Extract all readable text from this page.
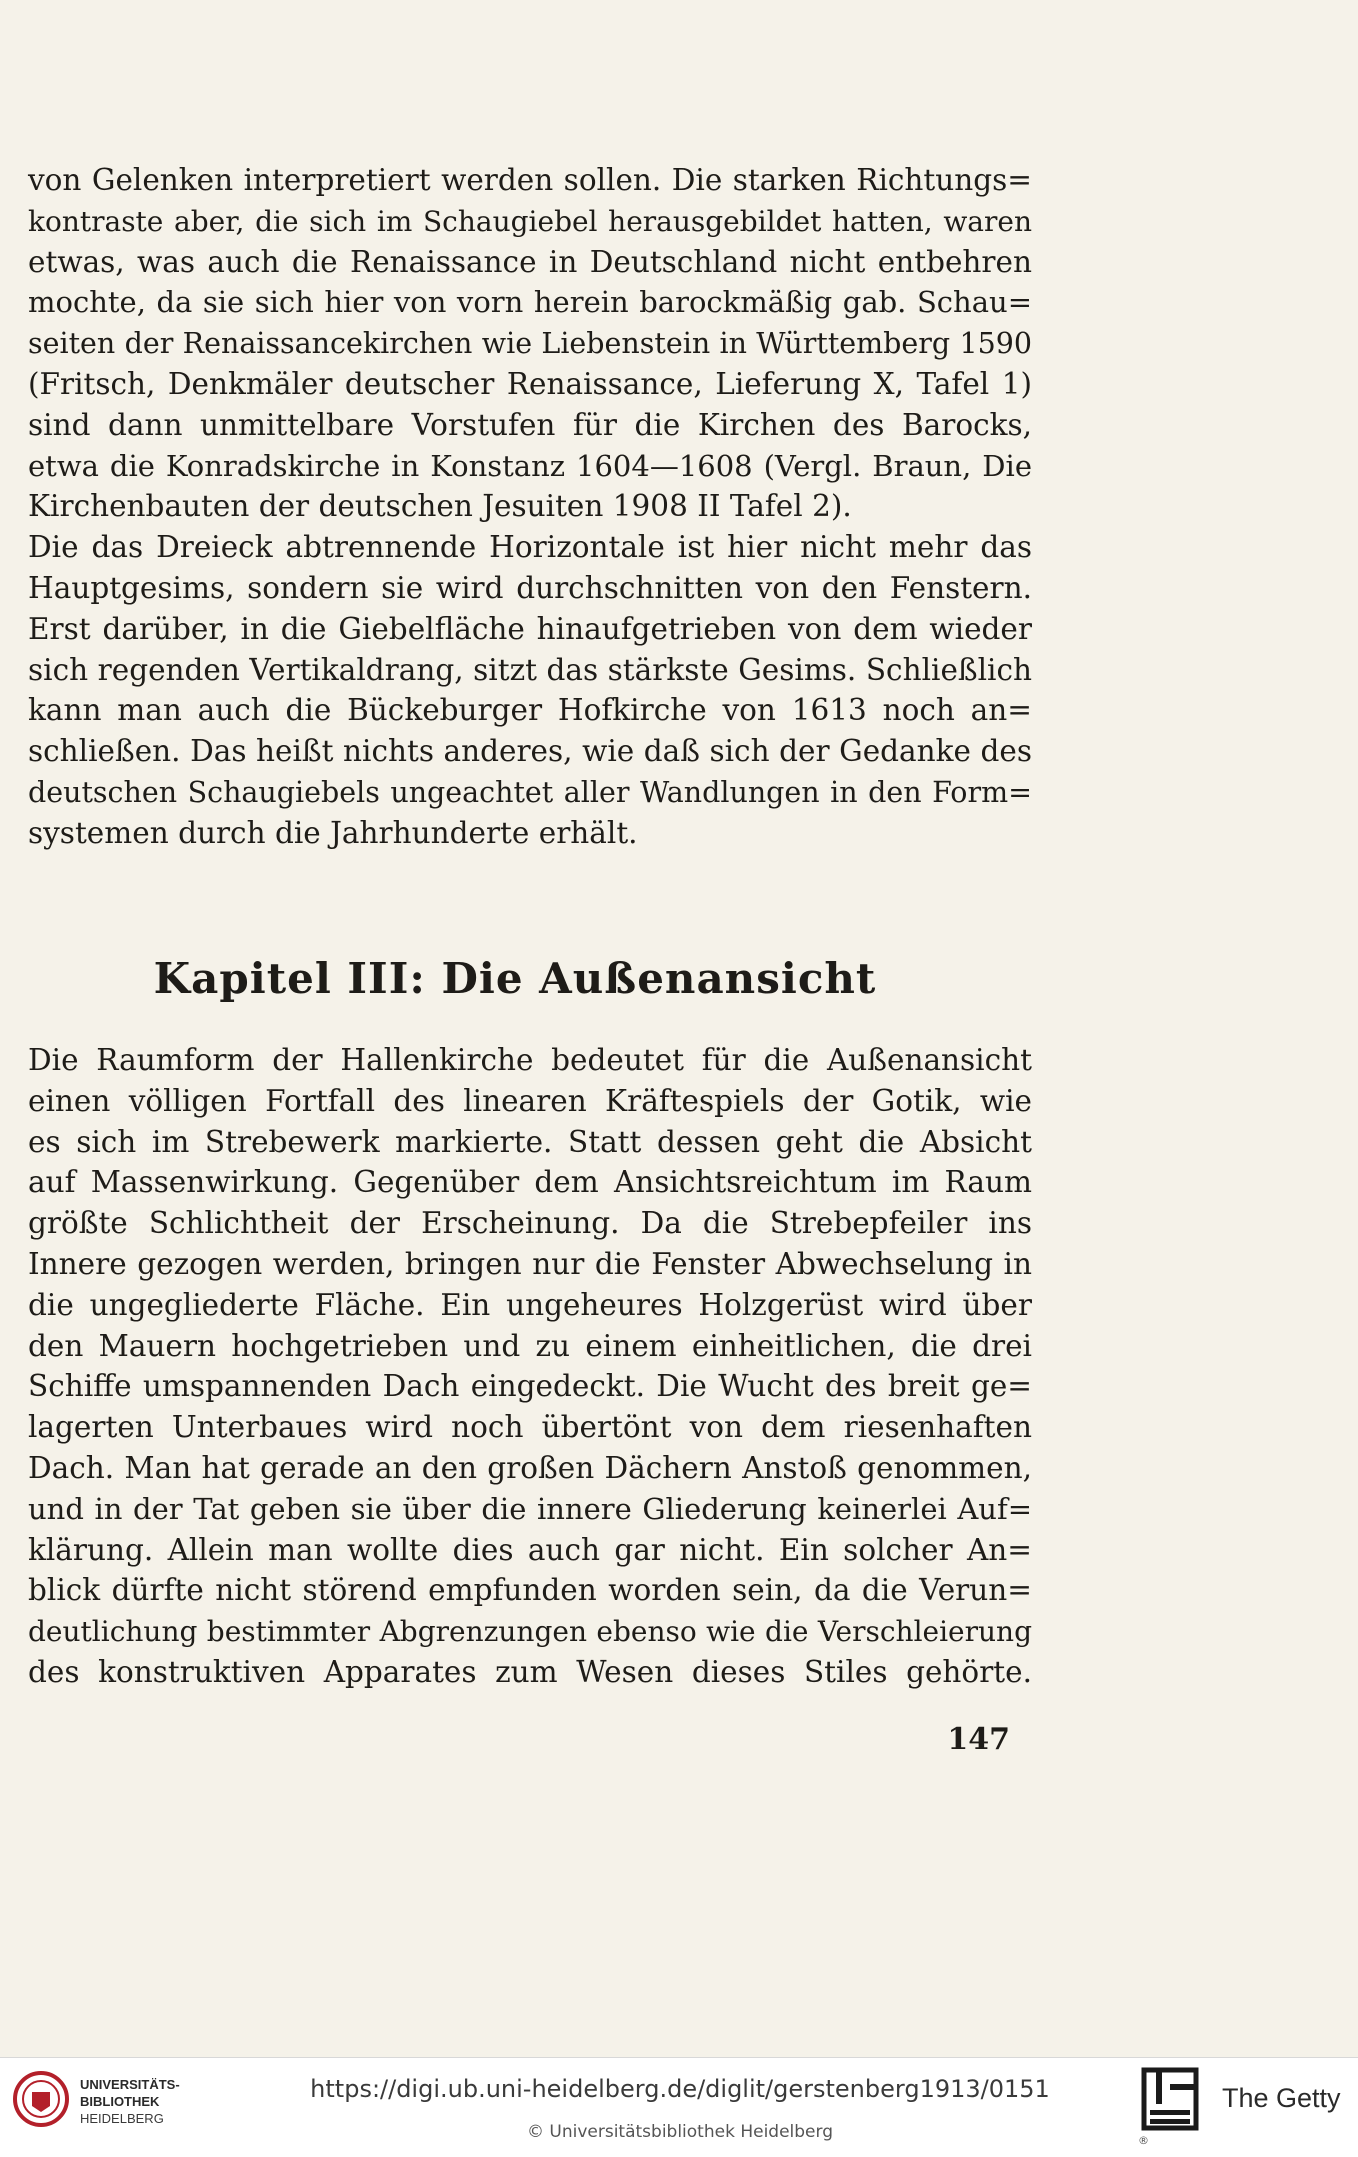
von Gelenken interpretiert werden sollen. Die starken Richtungs=
kontraste aber, die sich im Schaugiebel herausgebildet hatten, waren
etwas, was auch die Renaissance in Deutschland nicht entbehren
mochte, da sie sich hier von vorn herein barockmäßig gab. Schau=
seiten der Renaissancekirchen wie Liebenstein in Württemberg 1590
(Fritsch, Denkmäler deutscher Renaissance, Lieferung X, Tafel 1)
sind dann unmittelbare Vorstufen für die Kirchen des Barocks,
etwa die Konradskirche in Konstanz 1604—1608 (Vergl. Braun, Die
Kirchenbauten der deutschen Jesuiten 1908 II Tafel 2).
Die das Dreieck abtrennende Horizontale ist hier nicht mehr das
Hauptgesims, sondern sie wird durchschnitten von den Fenstern.
Erst darüber, in die Giebelfläche hinaufgetrieben von dem wieder
sich regenden Vertikaldrang, sitzt das stärkste Gesims. Schließlich
kann man auch die Bückeburger Hofkirche von 1613 noch an=
schließen. Das heißt nichts anderes, wie daß sich der Gedanke des
deutschen Schaugiebels ungeachtet aller Wandlungen in den Form=
systemen durch die Jahrhunderte erhält.
Kapitel III: Die Außenansicht
Die Raumform der Hallenkirche bedeutet für die Außenansicht
einen völligen Fortfall des linearen Kräftespiels der Gotik, wie
es sich im Strebewerk markierte. Statt dessen geht die Absicht
auf Massenwirkung. Gegenüber dem Ansichtsreichtum im Raum
größte Schlichtheit der Erscheinung. Da die Strebepfeiler ins
Innere gezogen werden, bringen nur die Fenster Abwechselung in
die ungegliederte Fläche. Ein ungeheures Holzgerüst wird über
den Mauern hochgetrieben und zu einem einheitlichen, die drei
Schiffe umspannenden Dach eingedeckt. Die Wucht des breit ge=
lagerten Unterbaues wird noch übertönt von dem riesenhaften
Dach. Man hat gerade an den großen Dächern Anstoß genommen,
und in der Tat geben sie über die innere Gliederung keinerlei Auf=
klärung. Allein man wollte dies auch gar nicht. Ein solcher An=
blick dürfte nicht störend empfunden worden sein, da die Verun=
deutlichung bestimmter Abgrenzungen ebenso wie die Verschleierung
des konstruktiven Apparates zum Wesen dieses Stiles gehörte.
147
UNIVERSITÄTS-
BIBLIOTHEK
HEIDELBERG
https://digi.ub.uni-heidelberg.de/diglit/gerstenberg1913/0151
© Universitätsbibliothek Heidelberg	®
The Getty
